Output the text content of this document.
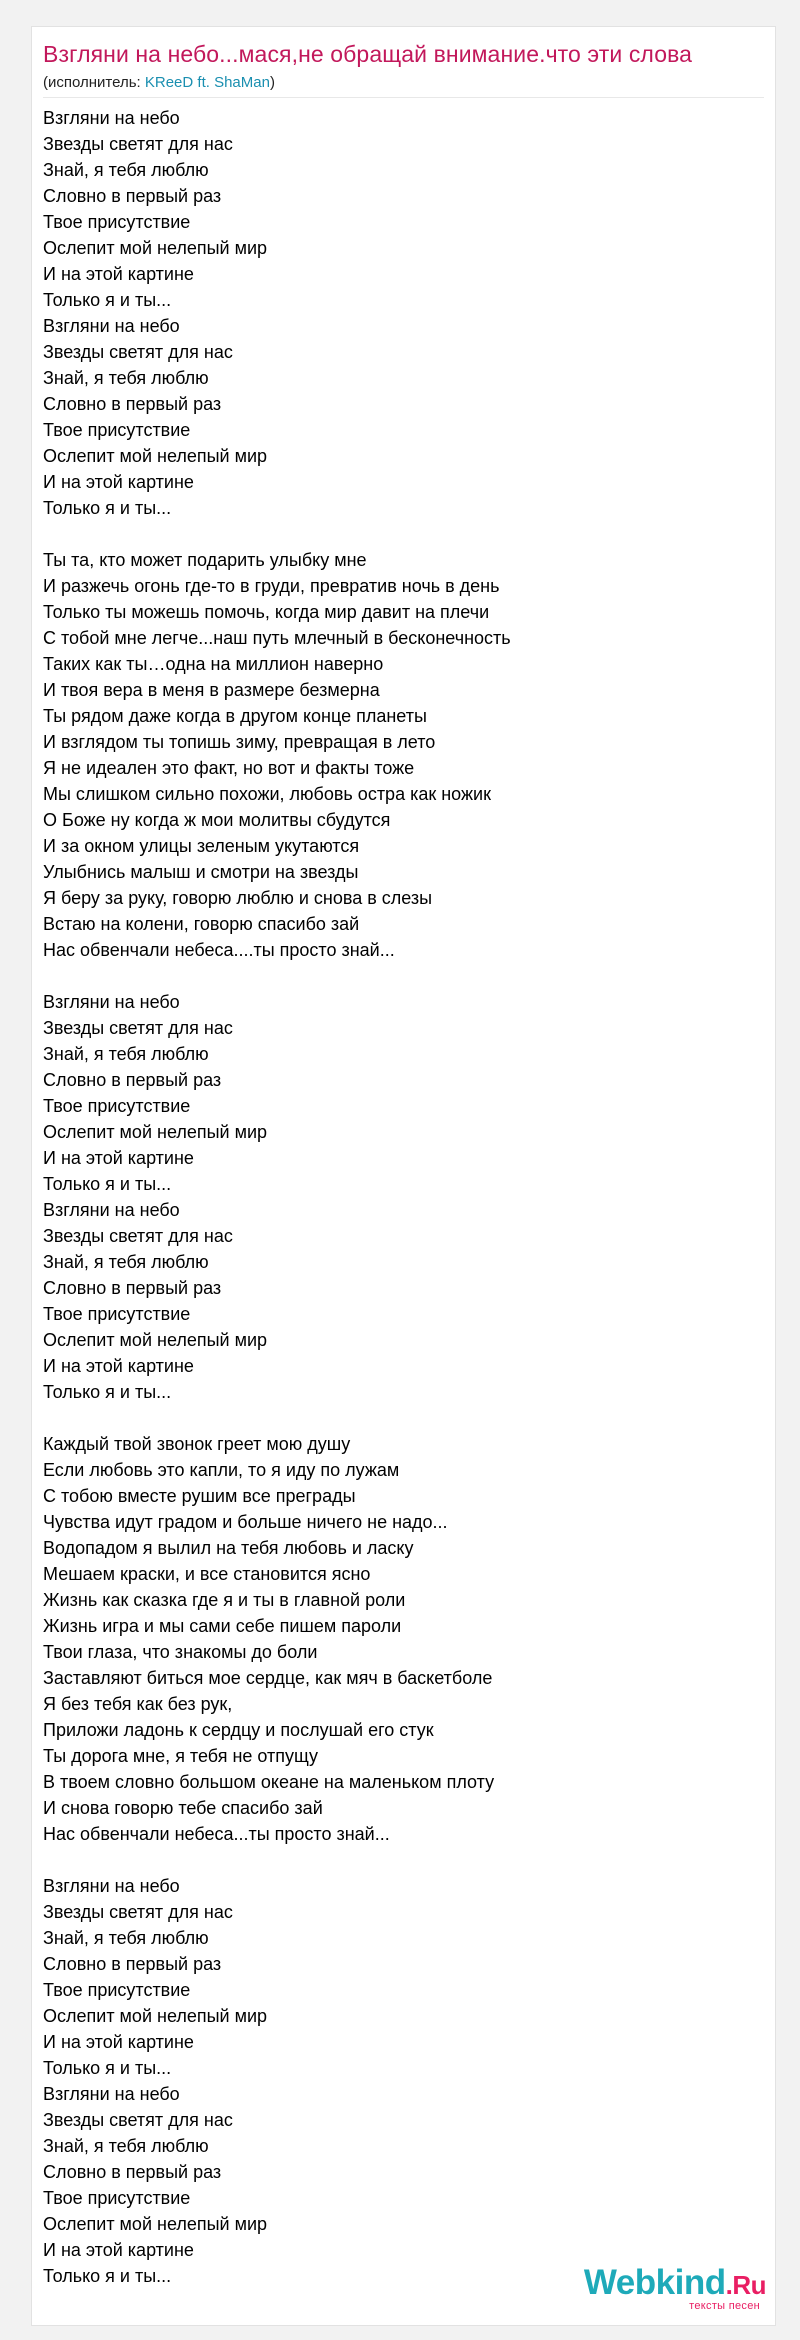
Взгляни на небо...мася,не обращай внимание.что эти слова
(исполнитель: KReeD ft. ShaMan)
Взгляни на небо
Звезды светят для нас
Знай, я тебя люблю
Словно в первый раз
Твое присутствие
Ослепит мой нелепый мир
И на этой картине
Только я и ты...
Взгляни на небо
Звезды светят для нас
Знай, я тебя люблю
Словно в первый раз
Твое присутствие
Ослепит мой нелепый мир
И на этой картине
Только я и ты...
Ты та, кто может подарить улыбку мне
И разжечь огонь где-то в груди, превратив ночь в день
Только ты можешь помочь, когда мир давит на плечи
С тобой мне легче...наш путь млечный в бесконечность
Таких как ты…одна на миллион наверно
И твоя вера в меня в размере безмерна
Ты рядом даже когда в другом конце планеты
И взглядом ты топишь зиму, превращая в лето
Я не идеален это факт, но вот и факты тоже
Мы слишком сильно похожи, любовь остра как ножик
О Боже ну когда ж мои молитвы сбудутся
И за окном улицы зеленым укутаются
Улыбнись малыш и смотри на звезды
Я беру за руку, говорю люблю и снова в слезы
Встаю на колени, говорю спасибо зай
Нас обвенчали небеса....ты просто знай...
Взгляни на небо
Звезды светят для нас
Знай, я тебя люблю
Словно в первый раз
Твое присутствие
Ослепит мой нелепый мир
И на этой картине
Только я и ты...
Взгляни на небо
Звезды светят для нас
Знай, я тебя люблю
Словно в первый раз
Твое присутствие
Ослепит мой нелепый мир
И на этой картине
Только я и ты...
Каждый твой звонок греет мою душу
Если любовь это капли, то я иду по лужам
С тобою вместе рушим все преграды
Чувства идут градом и больше ничего не надо...
Водопадом я вылил на тебя любовь и ласку
Мешаем краски, и все становится ясно
Жизнь как сказка где я и ты в главной роли
Жизнь игра и мы сами себе пишем пароли
Твои глаза, что знакомы до боли
Заставляют биться мое сердце, как мяч в баскетболе
Я без тебя как без рук,
Приложи ладонь к сердцу и послушай его стук
Ты дорога мне, я тебя не отпущу
В твоем словно большом океане на маленьком плоту
И снова говорю тебе спасибо зай
Нас обвенчали небеса...ты просто знай...
Взгляни на небо
Звезды светят для нас
Знай, я тебя люблю
Словно в первый раз
Твое присутствие
Ослепит мой нелепый мир
И на этой картине
Только я и ты...
Взгляни на небо
Звезды светят для нас
Знай, я тебя люблю
Словно в первый раз
Твое присутствие
Ослепит мой нелепый мир
И на этой картине
Только я и ты...	Webkind.Ru
тексты песен
